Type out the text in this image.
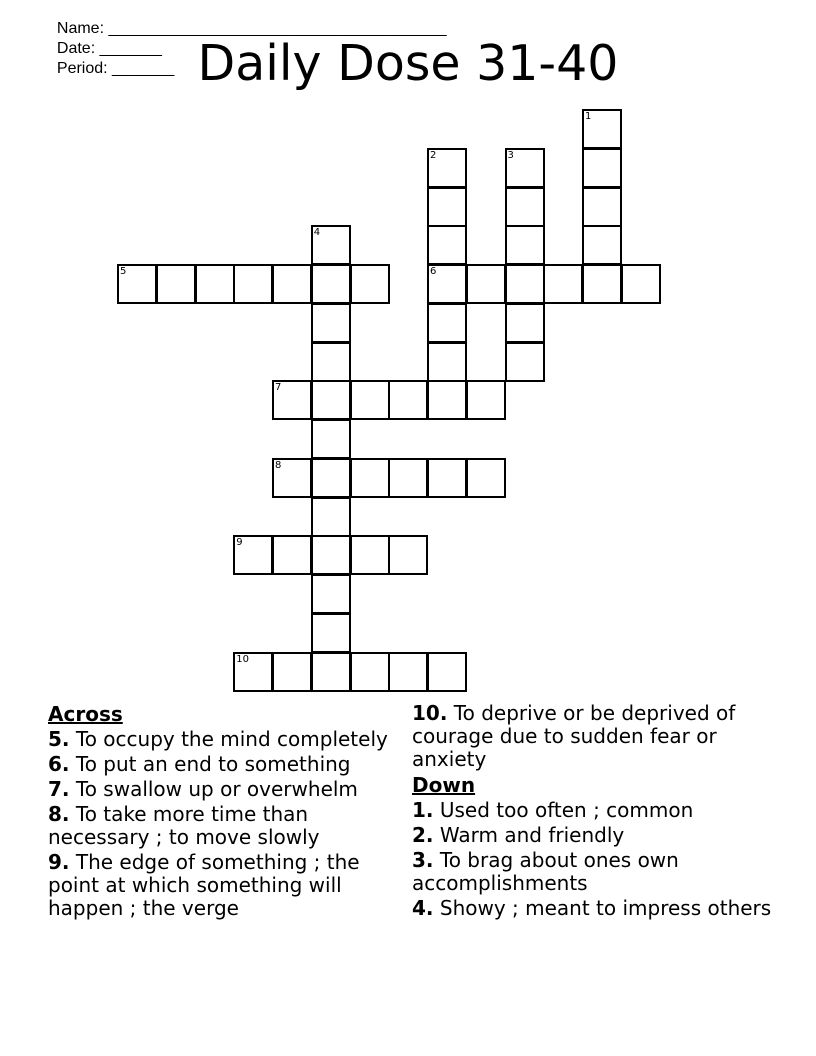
Name: ______________________________________
Date: _______
Period: _______ Daily Dose 31-40
1
2
6
3
4
5
7
8
9
10
Across
5. To occupy the mind completely
6. To put an end to something
7. To swallow up or overwhelm
8. To take more time than necessary ; to move slowly
9. The edge of something ; the point at which something will happen ; the verge
10. To deprive or be deprived of courage due to sudden fear or anxiety
Down
1. Used too often ; common
2. Warm and friendly
3. To brag about ones own accomplishments
4. Showy ; meant to impress others
